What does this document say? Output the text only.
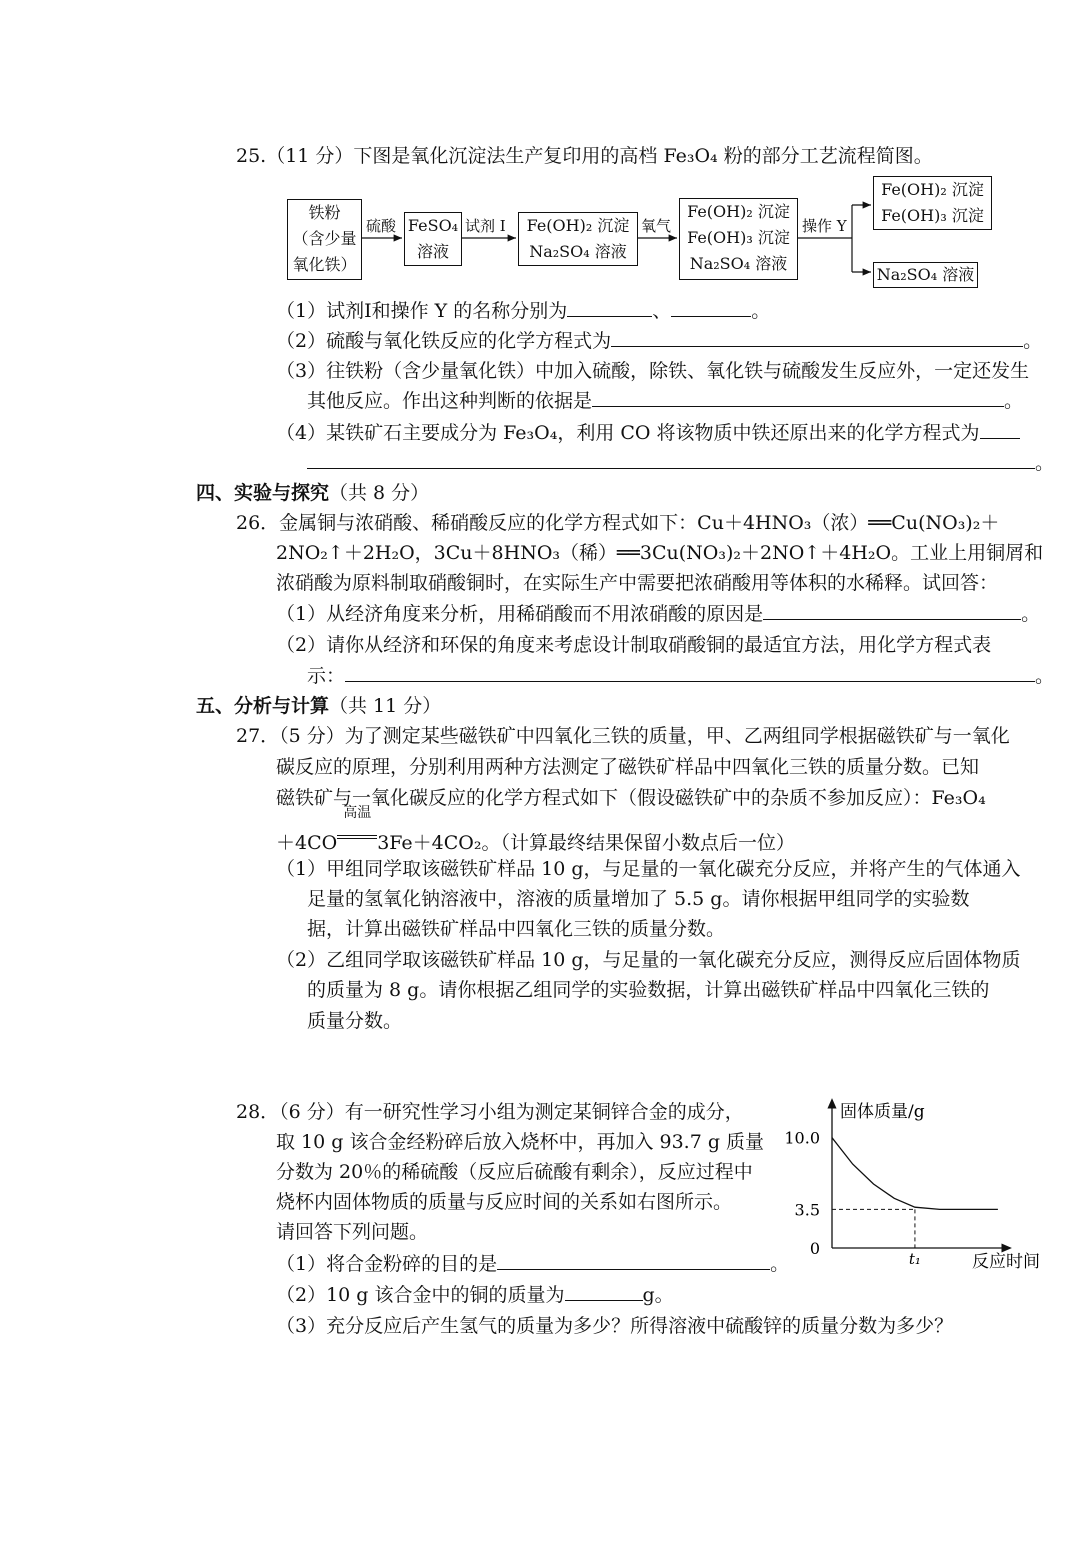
25.（11 分）下图是氧化沉淀法生产复印用的高档 Fe₃O₄ 粉的部分工艺流程简图。
铁粉
（含少量
氧化铁）
硫酸 FeSO₄
溶液
试剂 Ⅰ	Fe(OH)₂ 沉淀
Na₂SO₄ 溶液
氧气
Fe(OH)₂ 沉淀
Fe(OH)₃ 沉淀
Na₂SO₄ 溶液
操作 Y
Fe(OH)₂ 沉淀
Fe(OH)₃ 沉淀
Na₂SO₄ 溶液
（1）试剂Ⅰ和操作 Y 的名称分别为	、	。
（2）硫酸与氧化铁反应的化学方程式为	。
（3）往铁粉（含少量氧化铁）中加入硫酸，除铁、氧化铁与硫酸发生反应外，一定还发生
其他反应。作出这种判断的依据是	。
（4）某铁矿石主要成分为 Fe₃O₄，利用 CO 将该物质中铁还原出来的化学方程式为
。
四、实验与探究（共 8 分）
26．金属铜与浓硝酸、稀硝酸反应的化学方程式如下：Cu＋4HNO₃（浓）══Cu(NO₃)₂＋
2NO₂↑＋2H₂O，3Cu＋8HNO₃（稀）══3Cu(NO₃)₂＋2NO↑＋4H₂O。工业上用铜屑和
浓硝酸为原料制取硝酸铜时，在实际生产中需要把浓硝酸用等体积的水稀释。试回答：
（1）从经济角度来分析，用稀硝酸而不用浓硝酸的原因是	。
（2）请你从经济和环保的角度来考虑设计制取硝酸铜的最适宜方法，用化学方程式表
示：	。
五、分析与计算（共 11 分）
27．（5 分）为了测定某些磁铁矿中四氧化三铁的质量，甲、乙两组同学根据磁铁矿与一氧化
碳反应的原理，分别利用两种方法测定了磁铁矿样品中四氧化三铁的质量分数。已知
磁铁矿与一氧化碳反应的化学方程式如下（假设磁铁矿中的杂质不参加反应）：Fe₃O₄
＋4CO
高温
3Fe＋4CO₂。（计算最终结果保留小数点后一位）
（1）甲组同学取该磁铁矿样品 10 g，与足量的一氧化碳充分反应，并将产生的气体通入
足量的氢氧化钠溶液中，溶液的质量增加了 5.5 g。请你根据甲组同学的实验数
据，计算出磁铁矿样品中四氧化三铁的质量分数。
（2）乙组同学取该磁铁矿样品 10 g，与足量的一氧化碳充分反应，测得反应后固体物质
的质量为 8 g。请你根据乙组同学的实验数据，计算出磁铁矿样品中四氧化三铁的
质量分数。
28．（6 分）有一研究性学习小组为测定某铜锌合金的成分，
取 10 g 该合金经粉碎后放入烧杯中，再加入 93.7 g 质量
分数为 20％的稀硫酸（反应后硫酸有剩余），反应过程中
烧杯内固体物质的质量与反应时间的关系如右图所示。
请回答下列问题。
（1）将合金粉碎的目的是	。
（2）10 g 该合金中的铜的质量为	g。
（3）充分反应后产生氢气的质量为多少？所得溶液中硫酸锌的质量分数为多少？
固体质量/g
反应时间
0
3.5
10.0
t₁
